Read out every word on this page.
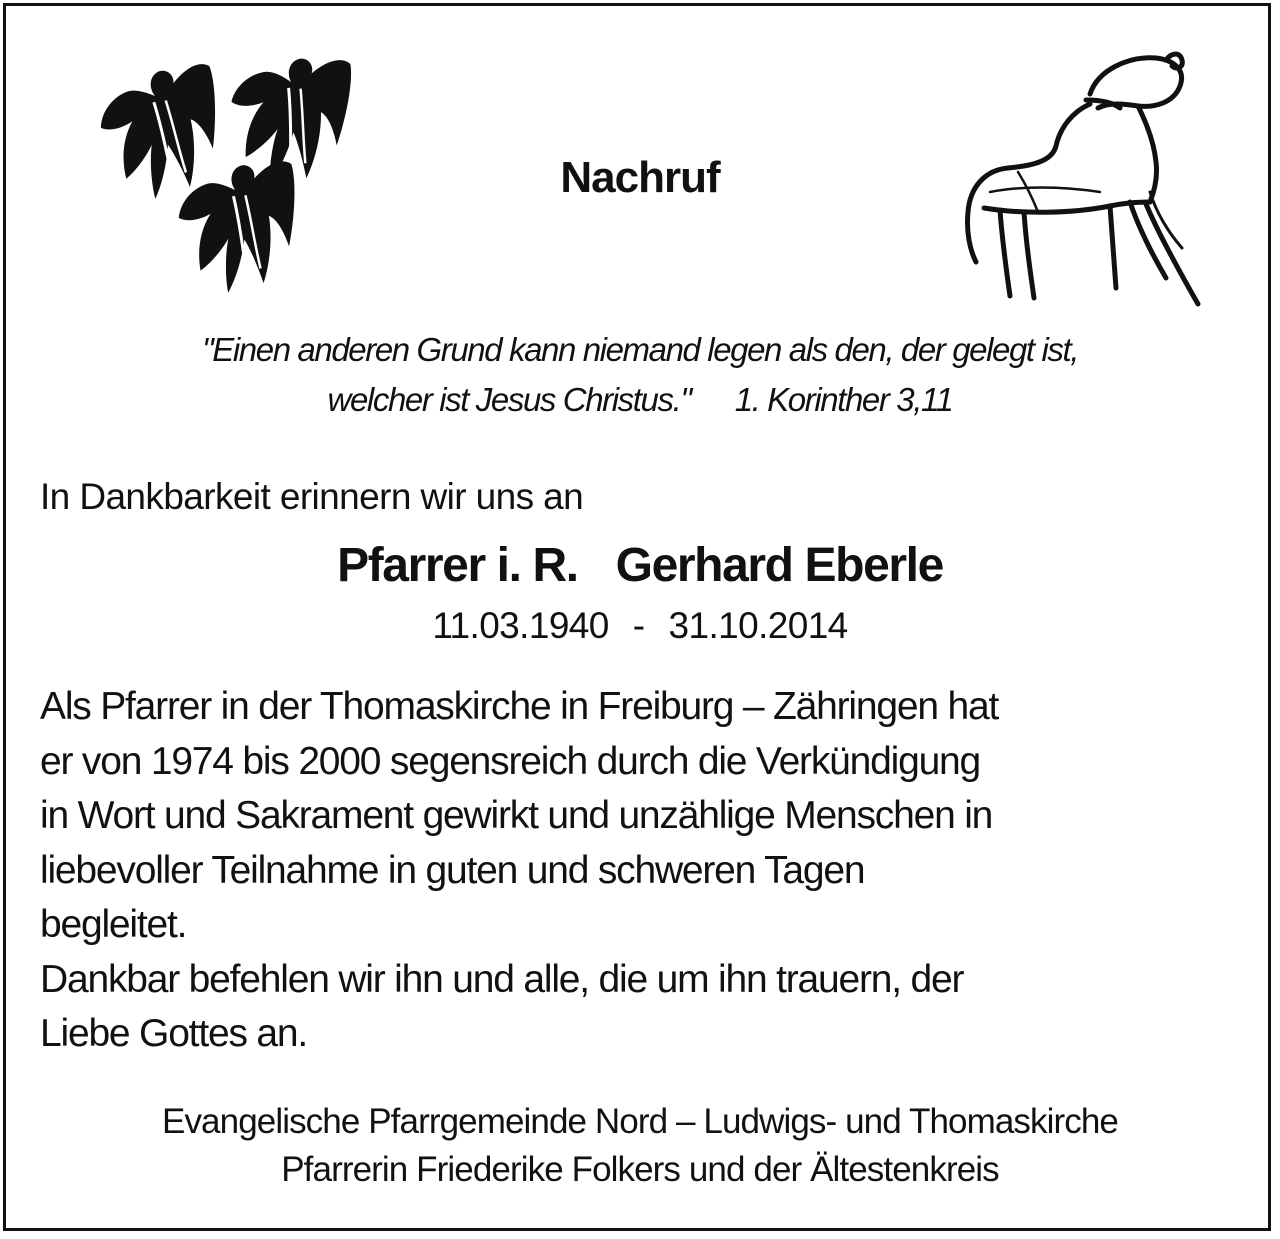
Nachruf
"Einen anderen Grund kann niemand legen als den, der gelegt ist,
welcher ist Jesus Christus." 1. Korinther 3,11
In Dankbarkeit erinnern wir uns an
Pfarrer i. R. Gerhard Eberle
11.03.1940 - 31.10.2014
Als Pfarrer in der Thomaskirche in Freiburg – Zähringen hat
er von 1974 bis 2000 segensreich durch die Verkündigung
in Wort und Sakrament gewirkt und unzählige Menschen in
liebevoller Teilnahme in guten und schweren Tagen
begleitet.
Dankbar befehlen wir ihn und alle, die um ihn trauern, der
Liebe Gottes an.
Evangelische Pfarrgemeinde Nord – Ludwigs- und Thomaskirche
Pfarrerin Friederike Folkers und der Ältestenkreis
